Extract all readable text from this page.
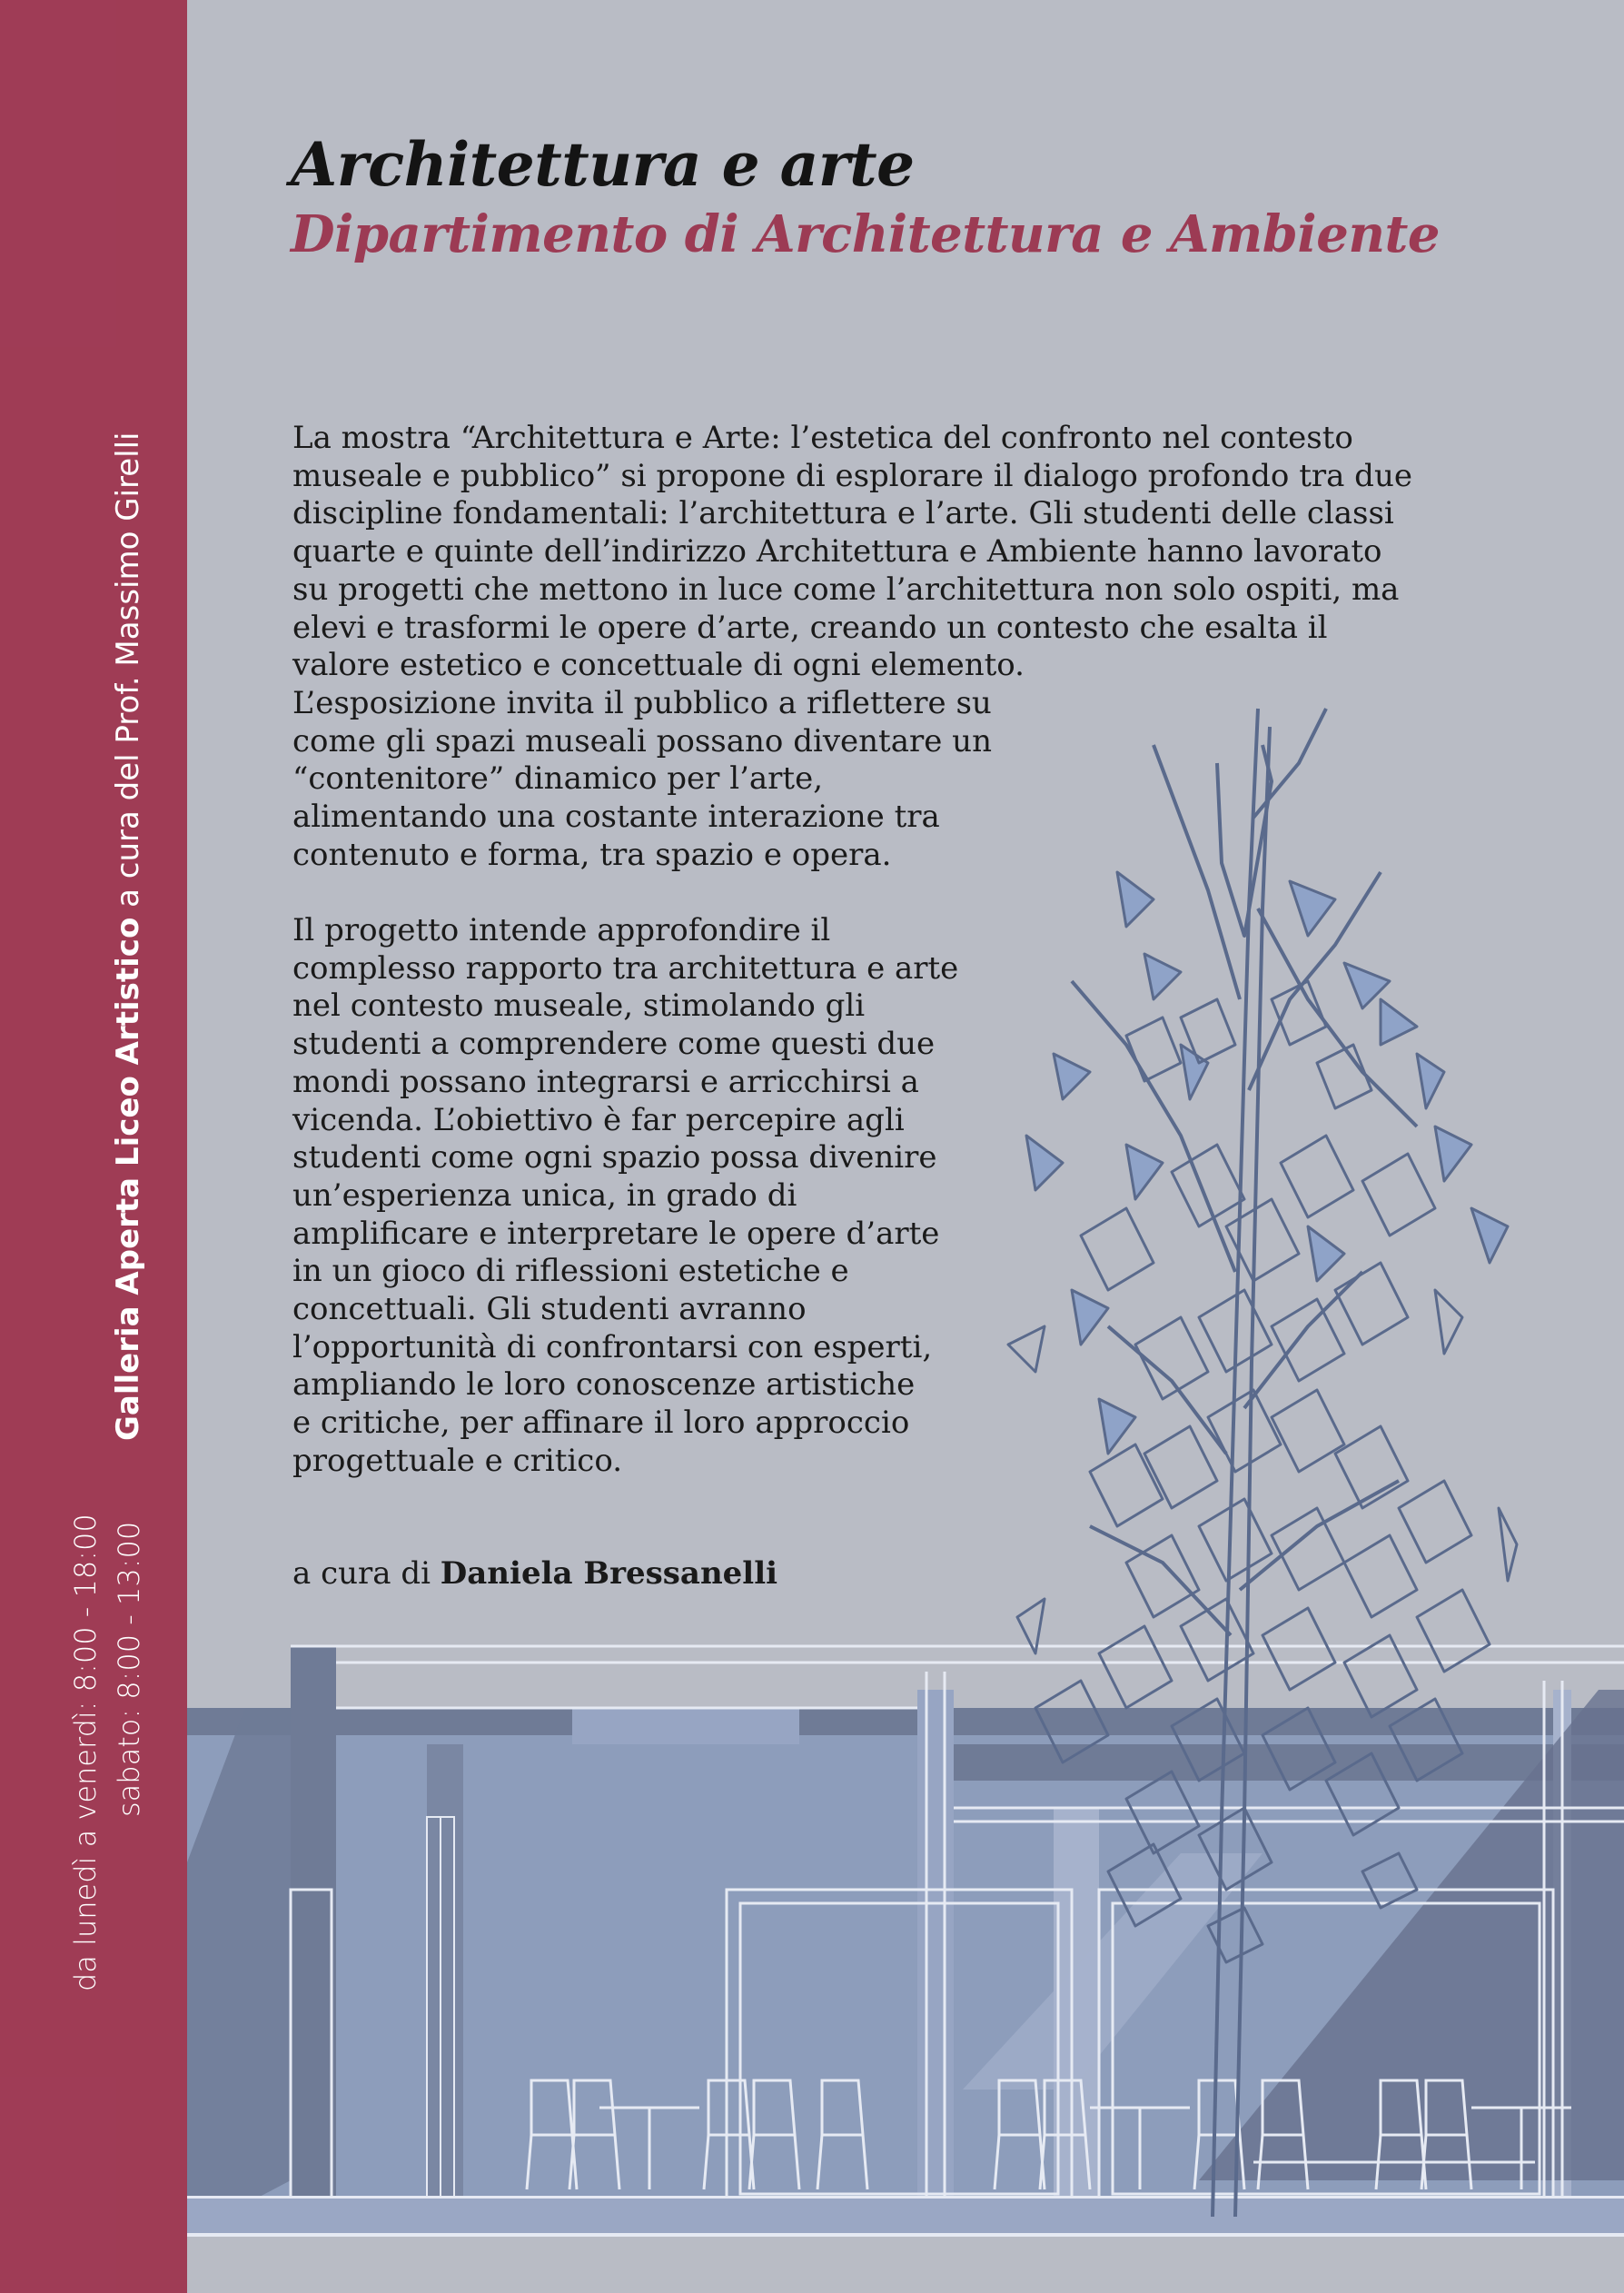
Galleria Aperta Liceo Artistico a cura del Prof. Massimo Girelli
da lunedì a venerdì: 8:00 - 18:00 sabato: 8:00 - 13:00
Architettura e arte
Dipartimento di Architettura e Ambiente

La mostra “Architettura e Arte: l’estetica del confronto nel contesto
museale e pubblico” si propone di esplorare il dialogo profondo tra due
discipline fondamentali: l’architettura e l’arte. Gli studenti delle classi
quarte e quinte dell’indirizzo Architettura e Ambiente hanno lavorato
su progetti che mettono in luce come l’architettura non solo ospiti, ma
elevi e trasformi le opere d’arte, creando un contesto che esalta il
valore estetico e concettuale di ogni elemento.
L’esposizione invita il pubblico a riflettere su
come gli spazi museali possano diventare un
“contenitore” dinamico per l’arte,
alimentando una costante interazione tra
contenuto e forma, tra spazio e opera.

Il progetto intende approfondire il
complesso rapporto tra architettura e arte
nel contesto museale, stimolando gli
studenti a comprendere come questi due
mondi possano integrarsi e arricchirsi a
vicenda. L’obiettivo è far percepire agli
studenti come ogni spazio possa divenire
un’esperienza unica, in grado di
amplificare e interpretare le opere d’arte
in un gioco di riflessioni estetiche e
concettuali. Gli studenti avranno
l’opportunità di confrontarsi con esperti,
ampliando le loro conoscenze artistiche
e critiche, per affinare il loro approccio
progettuale e critico.

a cura di Daniela Bressanelli
